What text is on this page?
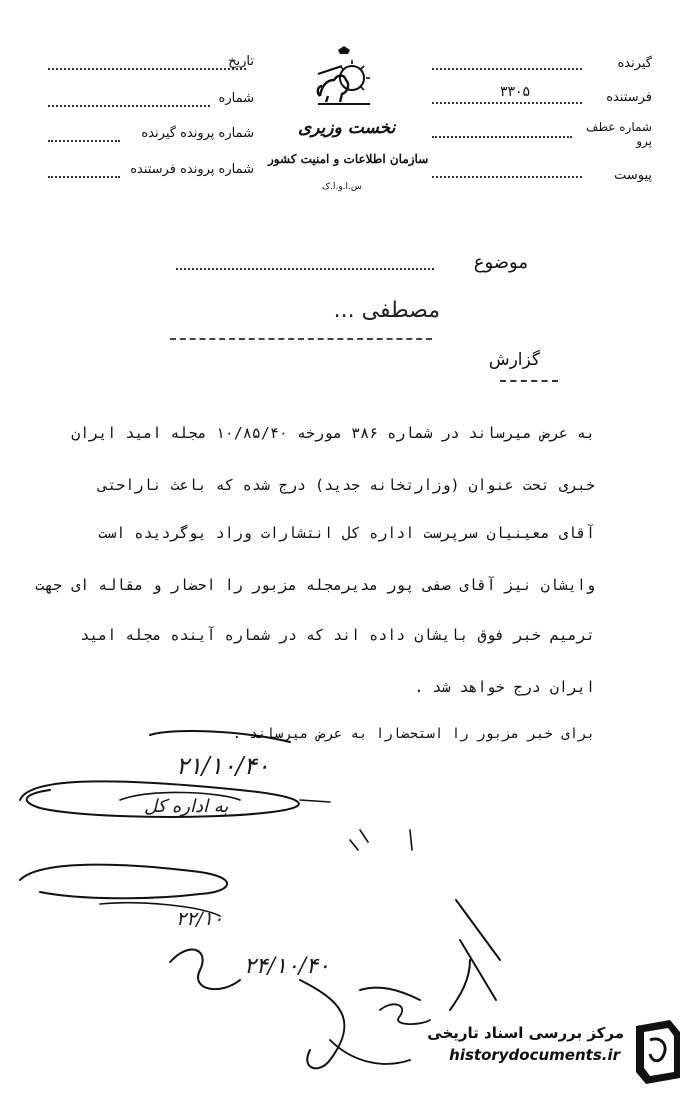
تاریخ
شماره
شماره پرونده گیرنده
شماره پرونده فرستنده
نخست وزیری
سازمان اطلاعات و امنیت کشور
س.ا.و.ا.ک
گیرنده
فرستنده
۳۳۰۵
شماره عطف پرو
پیوست
موضوع
مصطفی ...
گزارش
به عرض میرساند در شماره ۳۸۶ مورخه ۱۰/۸۵/۴۰ مجله امید ایران
خبری تحت عنوان (وزارتخانه جدید) درج شده که باعث ناراحتی
آقای معینیان سرپرست اداره کل انتشارات وراد یوگردیده است
وایشان نیز آقای صفی پور مدیرمجله مزبور را احضار و مقاله ای جهت
ترمیم خبر فوق بایشان داده اند که در شماره آینده مجله امید
ایران درج خواهد شد .
برای خبر مزبور را استحضارا به عرض میرساند .
۲۱/۱۰/۴۰
به اداره کل
۲۲/۱۰
۲۴/۱۰/۴۰
مرکز بررسی اسناد تاریخی
historydocuments.ir
